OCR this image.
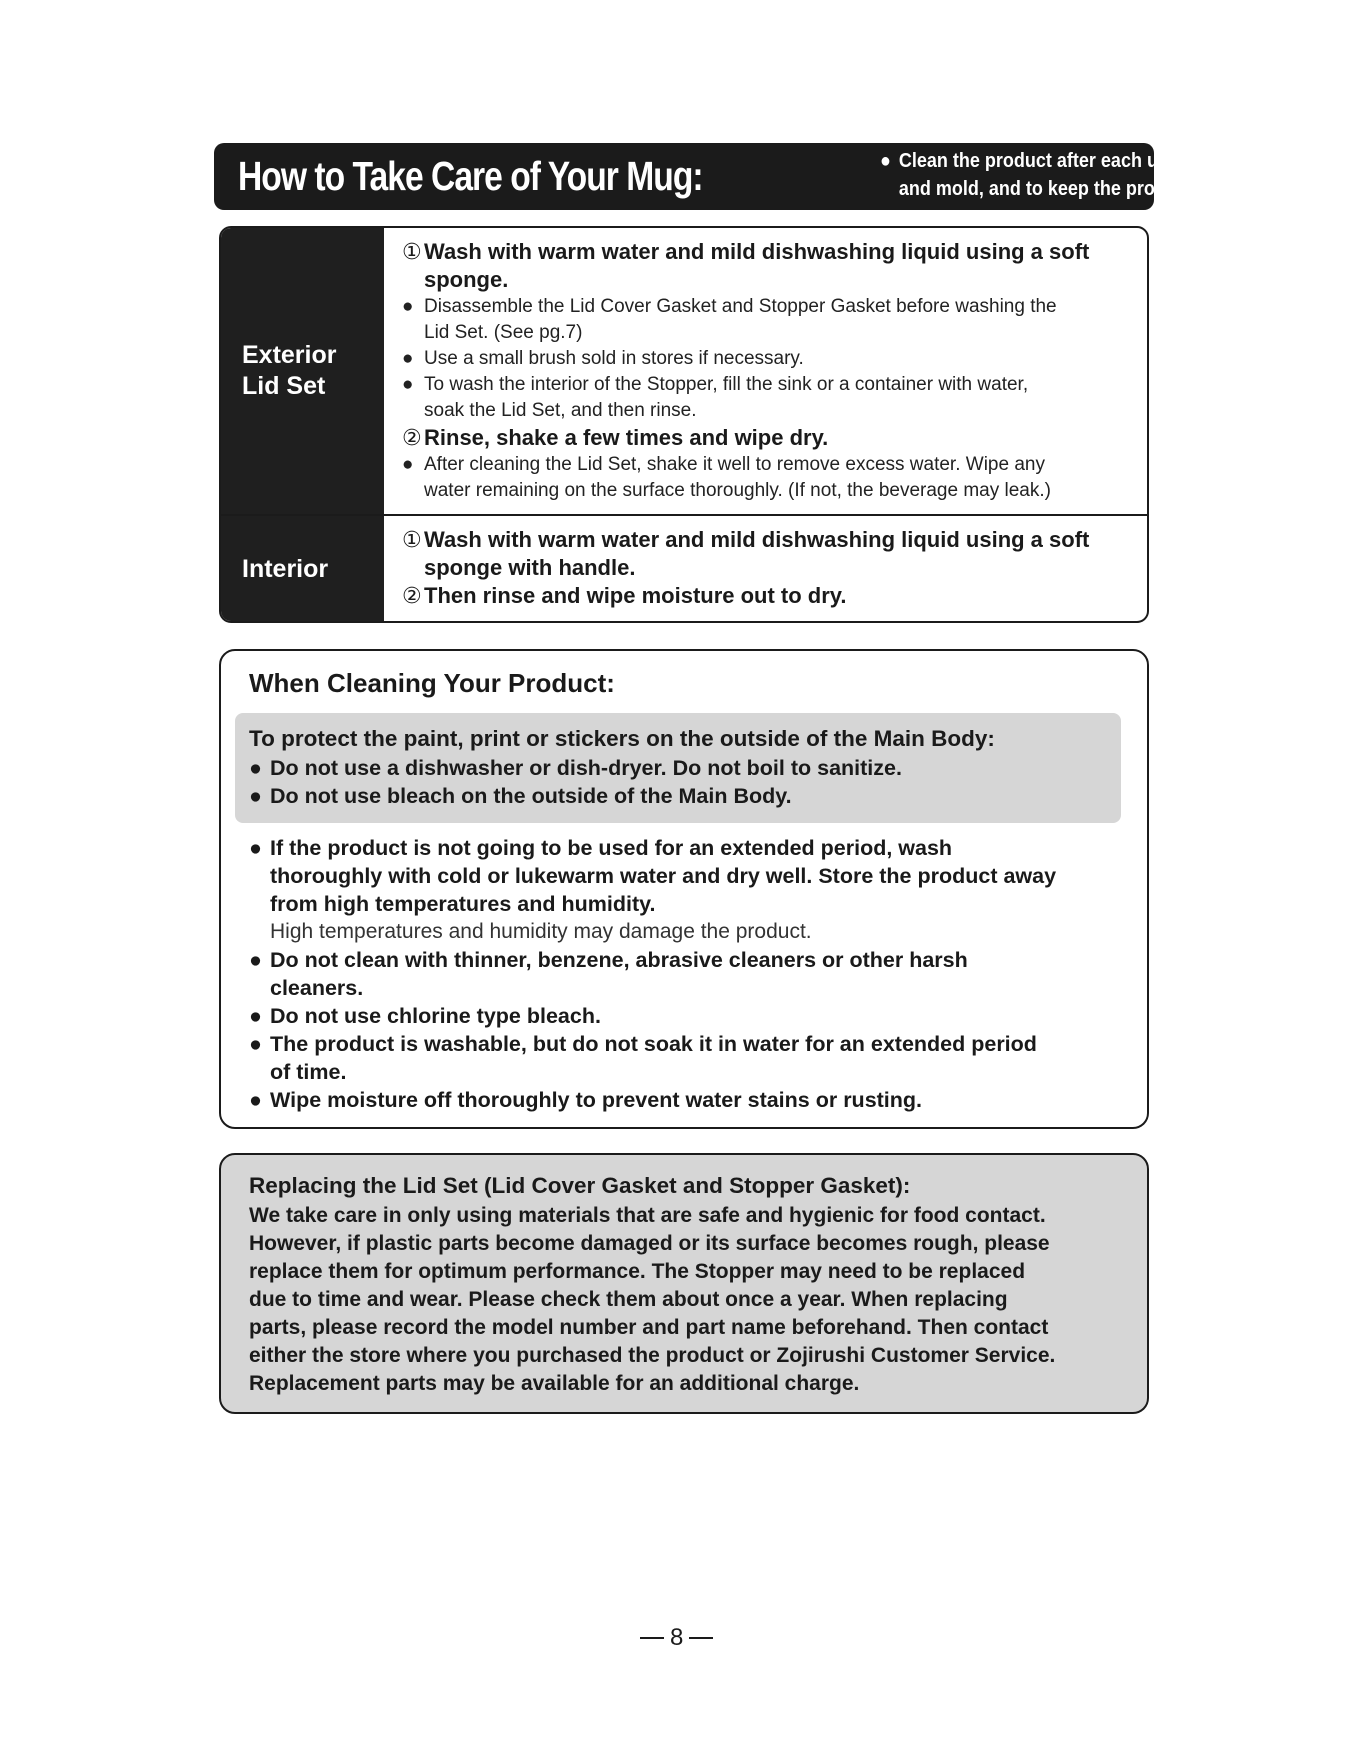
How to Take Care of Your Mug:	● Clean the product after each use to prevent odors
and mold, and to keep the product sanitary.
Exterior
Lid Set
① Wash with warm water and mild dishwashing liquid using a soft
sponge.
● Disassemble the Lid Cover Gasket and Stopper Gasket before washing the
Lid Set. (See pg.7)
● Use a small brush sold in stores if necessary.
● To wash the interior of the Stopper, fill the sink or a container with water,
soak the Lid Set, and then rinse.
② Rinse, shake a few times and wipe dry.
● After cleaning the Lid Set, shake it well to remove excess water. Wipe any
water remaining on the surface thoroughly. (If not, the beverage may leak.)
Interior
① Wash with warm water and mild dishwashing liquid using a soft
sponge with handle.
② Then rinse and wipe moisture out to dry.
When Cleaning Your Product:
To protect the paint, print or stickers on the outside of the Main Body:
● Do not use a dishwasher or dish-dryer. Do not boil to sanitize.
● Do not use bleach on the outside of the Main Body.
● If the product is not going to be used for an extended period, wash
thoroughly with cold or lukewarm water and dry well. Store the product away
from high temperatures and humidity.
High temperatures and humidity may damage the product.
● Do not clean with thinner, benzene, abrasive cleaners or other harsh
cleaners.
● Do not use chlorine type bleach.
● The product is washable, but do not soak it in water for an extended period
of time.
● Wipe moisture off thoroughly to prevent water stains or rusting.
Replacing the Lid Set (Lid Cover Gasket and Stopper Gasket):
We take care in only using materials that are safe and hygienic for food contact.
However, if plastic parts become damaged or its surface becomes rough, please
replace them for optimum performance. The Stopper may need to be replaced
due to time and wear. Please check them about once a year. When replacing
parts, please record the model number and part name beforehand. Then contact
either the store where you purchased the product or Zojirushi Customer Service.
Replacement parts may be available for an additional charge.
8
